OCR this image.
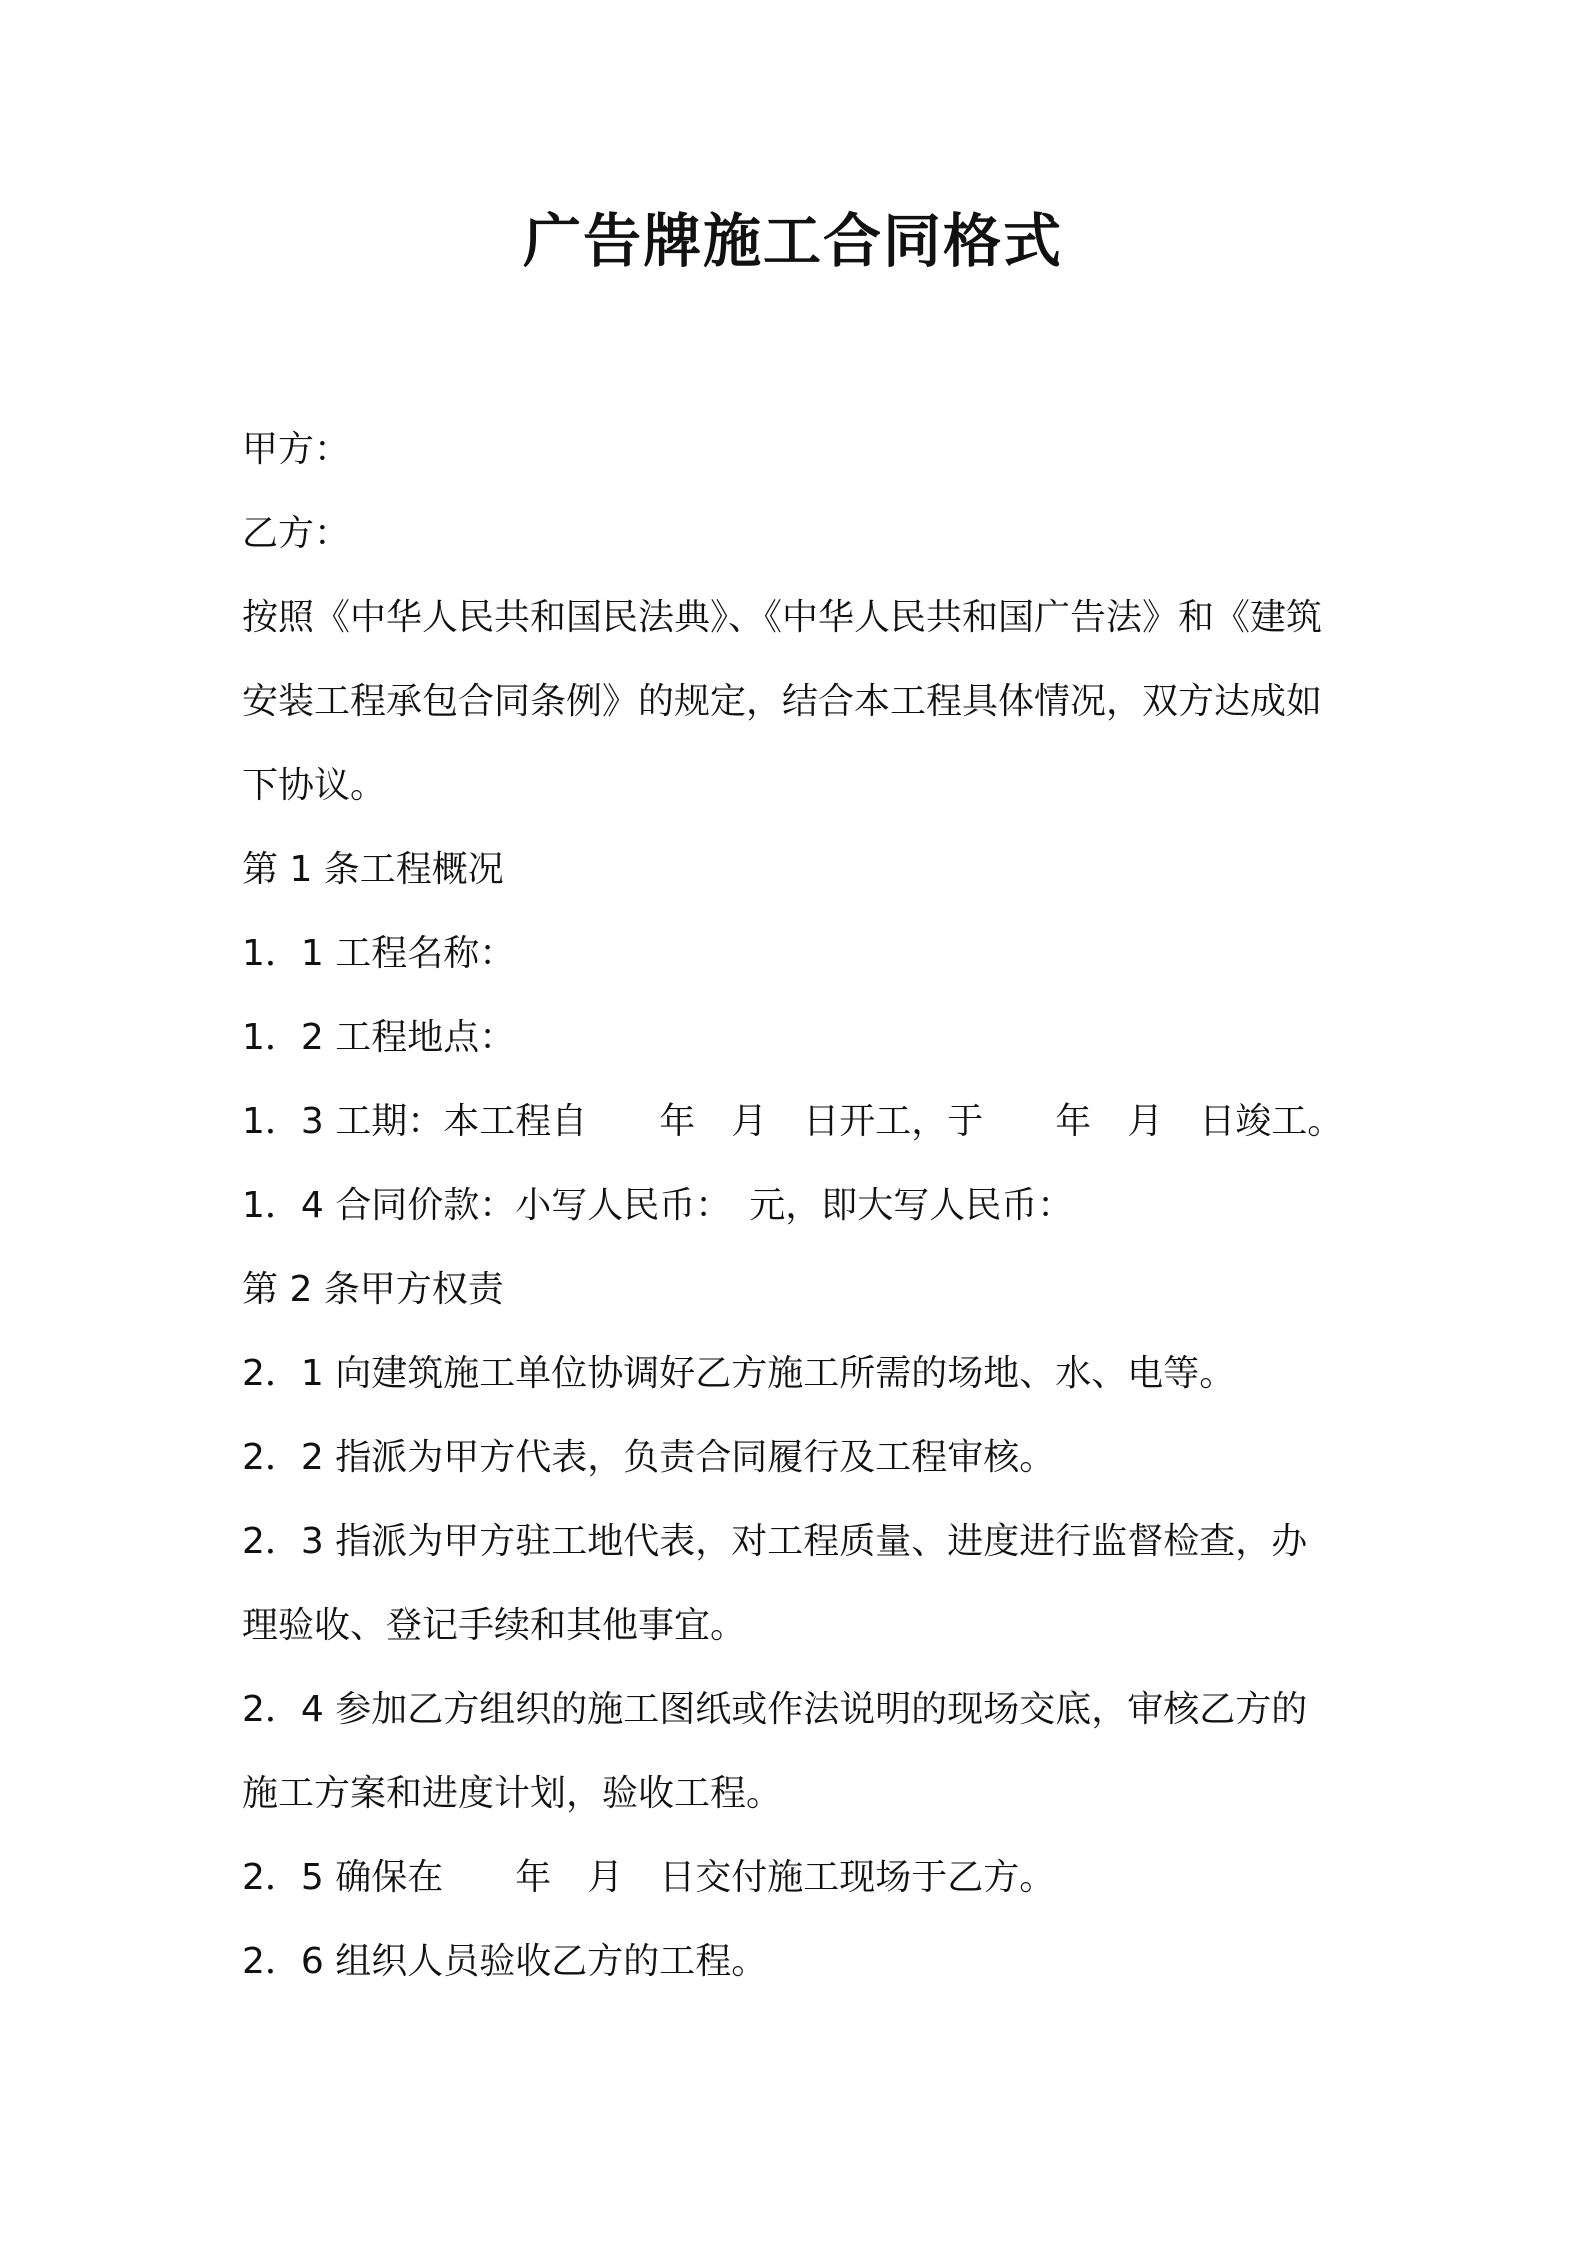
广告牌施工合同格式
甲方：
乙方：
按照《中华人民共和国民法典》、《中华人民共和国广告法》和《建筑
安装工程承包合同条例》的规定，结合本工程具体情况，双方达成如
下协议。
第 1 条工程概况
1．1 工程名称：
1．2 工程地点：
1．3 工期：本工程自　　年　月　日开工，于　　年　月　日竣工。
1．4 合同价款：小写人民币：　元，即大写人民币：
第 2 条甲方权责
2．1 向建筑施工单位协调好乙方施工所需的场地、水、电等。
2．2 指派为甲方代表，负责合同履行及工程审核。
2．3 指派为甲方驻工地代表，对工程质量、进度进行监督检查，办
理验收、登记手续和其他事宜。
2．4 参加乙方组织的施工图纸或作法说明的现场交底，审核乙方的
施工方案和进度计划，验收工程。
2．5 确保在　　年　月　日交付施工现场于乙方。
2．6 组织人员验收乙方的工程。
